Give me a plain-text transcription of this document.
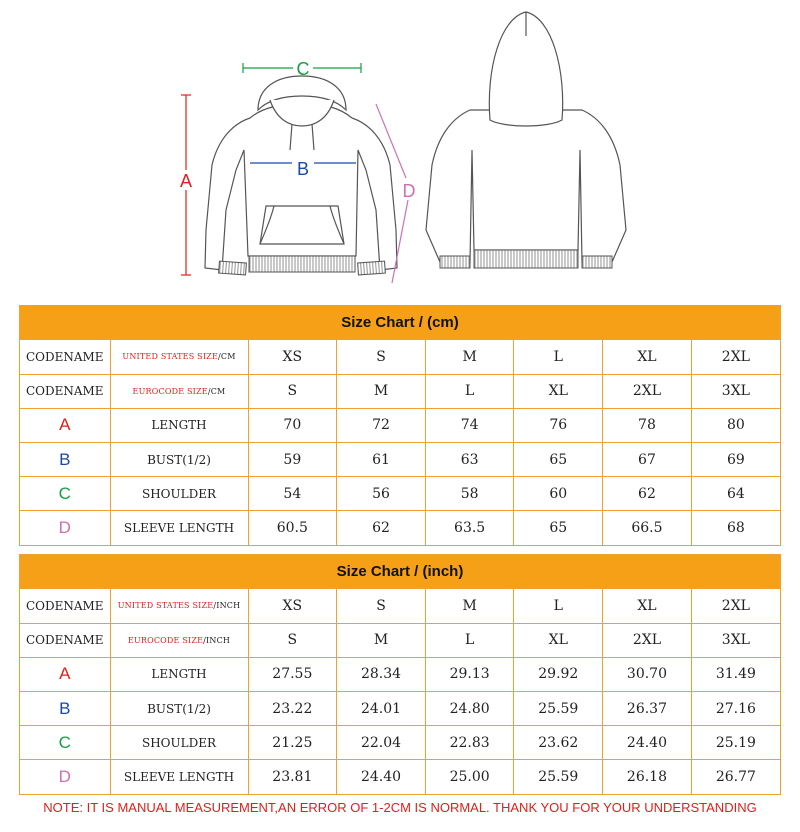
C
B
A	D
Size Chart / (cm)
CODENAME	UNITED STATES SIZE/CM	XS	S	M	L	XL	2XL
CODENAME	EUROCODE SIZE/CM	S	M	L	XL	2XL	3XL
A	LENGTH	70	72	74	76	78	80
B	BUST(1/2)	59	61	63	65	67	69
C	SHOULDER	54	56	58	60	62	64
D	SLEEVE LENGTH	60.5	62	63.5	65	66.5	68
Size Chart / (inch)
CODENAME	UNITED STATES SIZE/INCH	XS	S	M	L	XL	2XL
CODENAME	EUROCODE SIZE/INCH	S	M	L	XL	2XL	3XL
A	LENGTH	27.55	28.34	29.13	29.92	30.70	31.49
B	BUST(1/2)	23.22	24.01	24.80	25.59	26.37	27.16
C	SHOULDER	21.25	22.04	22.83	23.62	24.40	25.19
D	SLEEVE LENGTH	23.81	24.40	25.00	25.59	26.18	26.77
NOTE: IT IS MANUAL MEASUREMENT,AN ERROR OF 1-2CM IS NORMAL. THANK YOU FOR YOUR UNDERSTANDING
